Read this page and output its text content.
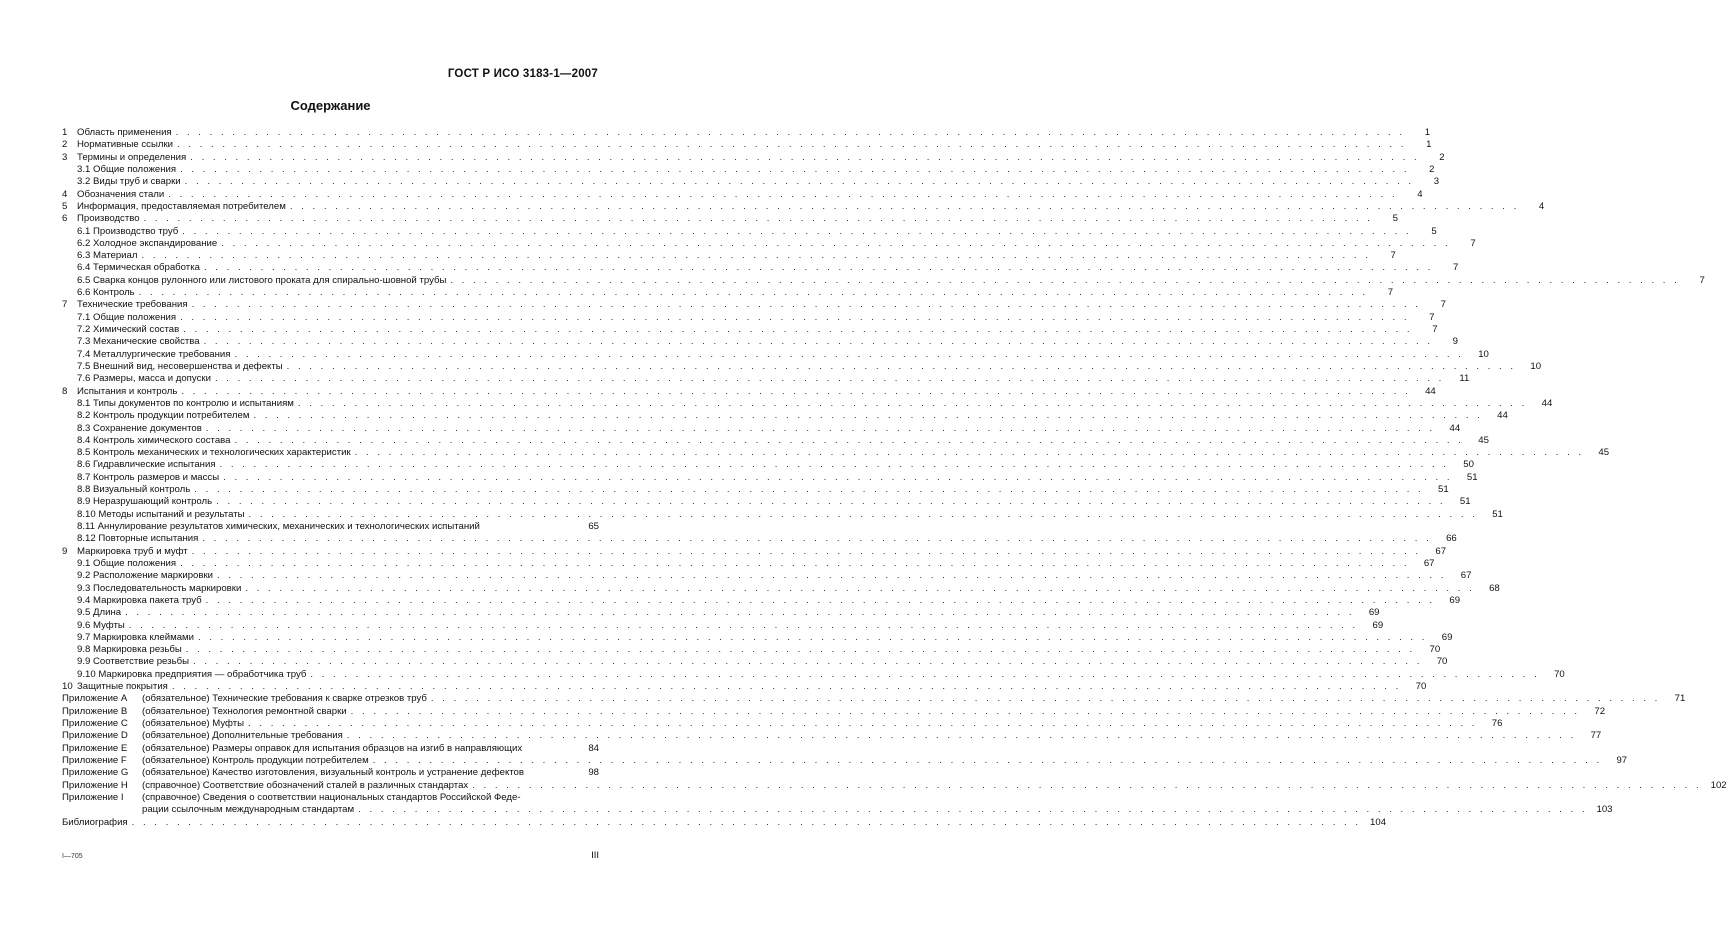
ГОСТ Р ИСО 3183-1—2007
Содержание
1	Область применения . . .	1
2	Нормативные ссылки . . .	1
3	Термины и определения . . .	2
3.1 Общие положения . . .	2
3.2 Виды труб и сварки . . .	3
4	Обозначения стали . . .	4
5	Информация, предоставляемая потребителем . . .	4
6	Производство . . .	5
6.1 Производство труб . . .	5
6.2 Холодное экспандирование . . .	7
6.3 Материал . . .	7
6.4 Термическая обработка . . .	7
6.5 Сварка концов рулонного или листового проката для спирально-шовной трубы . . .	7
6.6 Контроль . . .	7
7	Технические требования . . .	7
7.1 Общие положения . . .	7
7.2 Химический состав . . .	7
7.3 Механические свойства . . .	9
7.4 Металлургические требования . . .	10
7.5 Внешний вид, несовершенства и дефекты . . .	10
7.6 Размеры, масса и допуски . . .	11
8	Испытания и контроль . . .	44
8.1 Типы документов по контролю и испытаниям . . .	44
8.2 Контроль продукции потребителем . . .	44
8.3 Сохранение документов . . .	44
8.4 Контроль химического состава . . .	45
8.5 Контроль механических и технологических характеристик . . .	45
8.6 Гидравлические испытания . . .	50
8.7 Контроль размеров и массы . . .	51
8.8 Визуальный контроль . . .	51
8.9 Неразрушающий контроль . . .	51
8.10 Методы испытаний и результаты . . .	51
8.11 Аннулирование результатов химических, механических и технологических испытаний	65
8.12 Повторные испытания . . .	66
9	Маркировка труб и муфт . . .	67
9.1 Общие положения . . .	67
9.2 Расположение маркировки . . .	67
9.3 Последовательность маркировки . . .	68
9.4 Маркировка пакета труб . . .	69
9.5 Длина . . .	69
9.6 Муфты . . .	69
9.7 Маркировка клеймами . . .	69
9.8 Маркировка резьбы . . .	70
9.9 Соответствие резьбы . . .	70
9.10 Маркировка предприятия — обработчика труб . . .	70
10 Защитные покрытия . . .	70
Приложение А	(обязательное) Технические требования к сварке отрезков труб . . .	71
Приложение В	(обязательное) Технология ремонтной сварки . . .	72
Приложение С	(обязательное) Муфты . . .	76
Приложение D	(обязательное) Дополнительные требования . . .	77
Приложение Е	(обязательное) Размеры оправок для испытания образцов на изгиб в направляющих	84
Приложение F	(обязательное) Контроль продукции потребителем . . .	97
Приложение G	(обязательное) Качество изготовления, визуальный контроль и устранение дефектов	98
Приложение Н	(справочное) Соответствие обозначений сталей в различных стандартах . . .	102
Приложение I	(справочное) Сведения о соответствии национальных стандартов Российской Феде-
рации ссылочным международным стандартам . . .	103
Библиография . . .	104
I—705	III
